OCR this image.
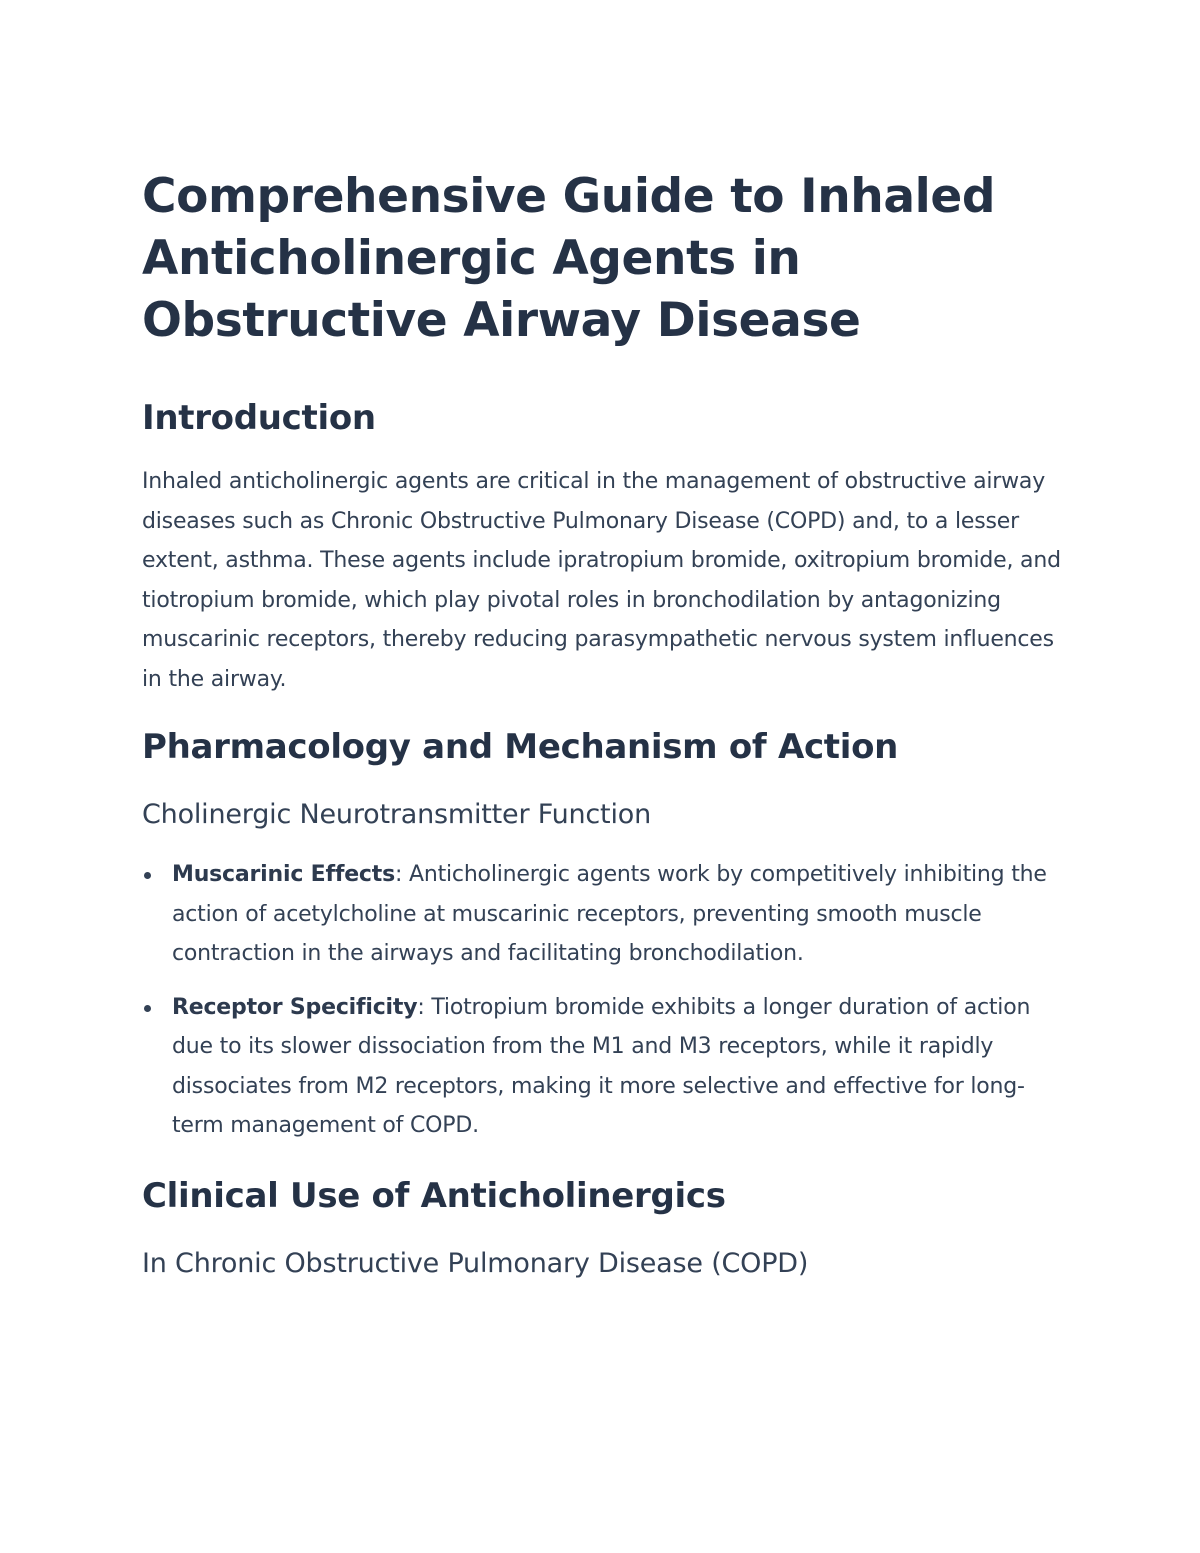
Comprehensive Guide to Inhaled Anticholinergic Agents in Obstructive Airway Disease
Introduction

Inhaled anticholinergic agents are critical in the management of obstructive airway diseases such as Chronic Obstructive Pulmonary Disease (COPD) and, to a lesser extent, asthma. These agents include ipratropium bromide, oxitropium bromide, and tiotropium bromide, which play pivotal roles in bronchodilation by antagonizing muscarinic receptors, thereby reducing parasympathetic nervous system influences in the airway.

Pharmacology and Mechanism of Action
Cholinergic Neurotransmitter Function
Muscarinic Effects: Anticholinergic agents work by competitively inhibiting the action of acetylcholine at muscarinic receptors, preventing smooth muscle contraction in the airways and facilitating bronchodilation.
Receptor Specificity: Tiotropium bromide exhibits a longer duration of action due to its slower dissociation from the M1 and M3 receptors, while it rapidly dissociates from M2 receptors, making it more selective and effective for long-term management of COPD.
Clinical Use of Anticholinergics
In Chronic Obstructive Pulmonary Disease (COPD)
